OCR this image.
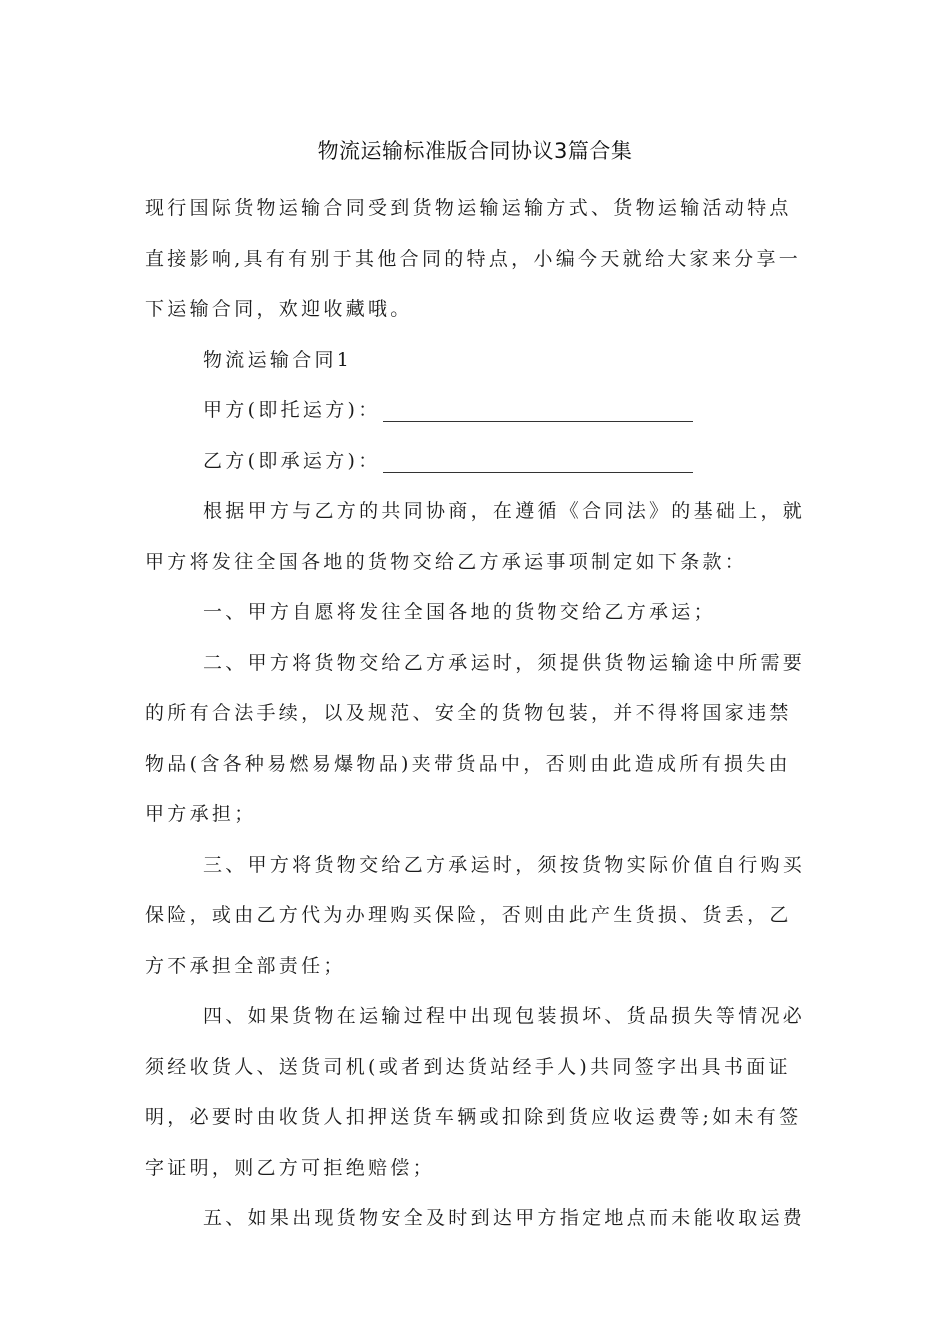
物流运输标准版合同协议3篇合集
现行国际货物运输合同受到货物运输运输方式、货物运输活动特点
直接影响,具有有别于其他合同的特点，小编今天就给大家来分享一
下运输合同，欢迎收藏哦。
物流运输合同1
甲方(即托运方)：
乙方(即承运方)：
根据甲方与乙方的共同协商，在遵循《合同法》的基础上，就
甲方将发往全国各地的货物交给乙方承运事项制定如下条款：
一、甲方自愿将发往全国各地的货物交给乙方承运；
二、甲方将货物交给乙方承运时，须提供货物运输途中所需要
的所有合法手续，以及规范、安全的货物包装，并不得将国家违禁
物品(含各种易燃易爆物品)夹带货品中，否则由此造成所有损失由
甲方承担；
三、甲方将货物交给乙方承运时，须按货物实际价值自行购买
保险，或由乙方代为办理购买保险，否则由此产生货损、货丢，乙
方不承担全部责任；
四、如果货物在运输过程中出现包装损坏、货品损失等情况必
须经收货人、送货司机(或者到达货站经手人)共同签字出具书面证
明，必要时由收货人扣押送货车辆或扣除到货应收运费等;如未有签
字证明，则乙方可拒绝赔偿；
五、如果出现货物安全及时到达甲方指定地点而未能收取运费
